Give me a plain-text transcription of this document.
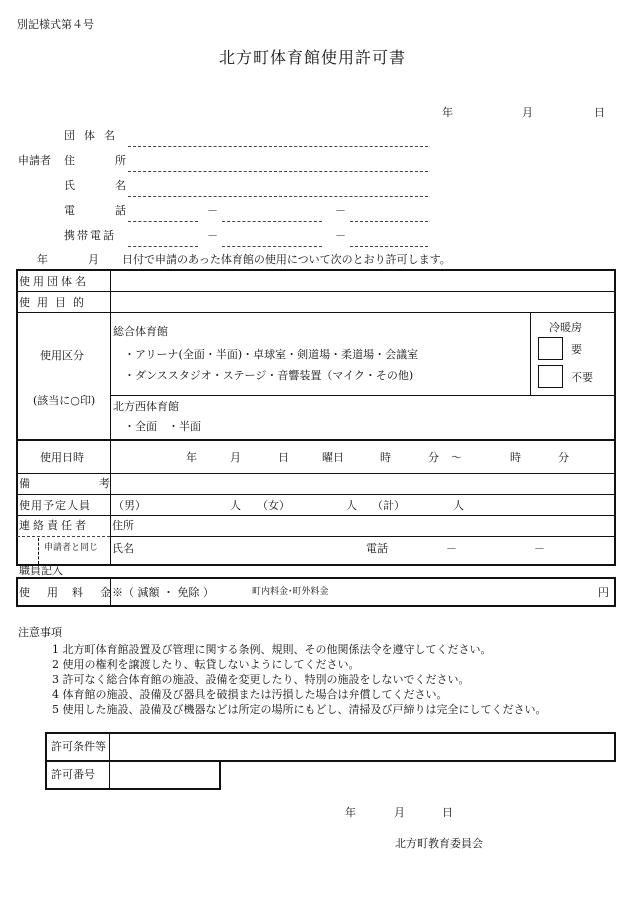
別記様式第４号
北方町体育館使用許可書
年	月	日
申請者
団体名
住	所
氏	名
電	話	－	－
携帯電話	－	－
年	月 日付で申請のあった体育館の使用について次のとおり許可します。
使用団体名
使用目的
使用区分
(該当に○印)
総合体育館
・アリーナ(全面・半面)・卓球室・剣道場・柔道場・会議室
・ダンススタジオ・ステージ・音響装置（マイク・その他)
冷暖房
要
不要
北方西体育館
・全面　・半面
使用日時	年	月	日	曜日	時	分 ～	時	分
備	考
使用予定人員 （男）	人 （女）	人 （計）	人
連絡責任者 住所
申請者と同じ 氏名	電話	－	－
職員記入
使　用 料　金
※（ 減額 ・ 免除 ）	町内料金･町外料金	円
注意事項
1 北方町体育館設置及び管理に関する条例、規則、その他関係法令を遵守してください。
2 使用の権利を譲渡したり、転貸しないようにしてください。
3 許可なく総合体育館の施設、設備を変更したり、特別の施設をしないでください。
4 体育館の施設、設備及び器具を破損または汚損した場合は弁償してください。
5 使用した施設、設備及び機器などは所定の場所にもどし、清掃及び戸締りは完全にしてください。
許可条件等
許可番号
年	月	日
北方町教育委員会
